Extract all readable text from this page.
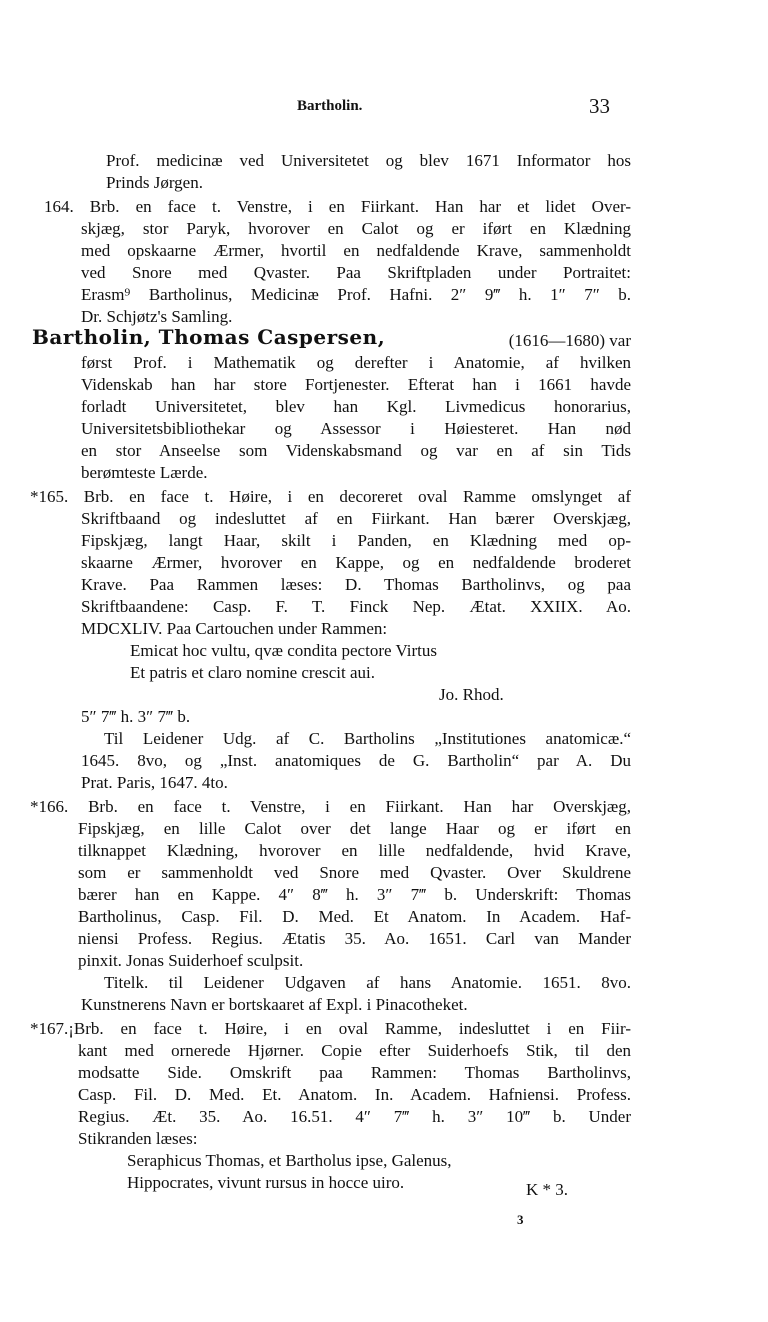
Bartholin.	33
Prof. medicinæ ved Universitetet og blev 1671 Informator hos
Prinds Jørgen.
164. Brb. en face t. Venstre, i en Fiirkant. Han har et lidet Over-
skjæg, stor Paryk, hvorover en Calot og er iført en Klædning
med opskaarne Ærmer, hvortil en nedfaldende Krave, sammenholdt
ved Snore med Qvaster. Paa Skriftpladen under Portraitet:
Erasm⁹ Bartholinus, Medicinæ Prof. Hafni. 2″ 9‴ h. 1″ 7″ b.
Dr. Schjøtz's Samling.
Bartholin, Thomas Caspersen,	(1616—1680) var
først Prof. i Mathematik og derefter i Anatomie, af hvilken
Videnskab han har store Fortjenester. Efterat han i 1661 havde
forladt Universitetet, blev han Kgl. Livmedicus honorarius,
Universitetsbibliothekar og Assessor i Høiesteret. Han nød
en stor Anseelse som Videnskabsmand og var en af sin Tids
berømteste Lærde.
*165. Brb. en face t. Høire, i en decoreret oval Ramme omslynget af
Skriftbaand og indesluttet af en Fiirkant. Han bærer Overskjæg,
Fipskjæg, langt Haar, skilt i Panden, en Klædning med op-
skaarne Ærmer, hvorover en Kappe, og en nedfaldende broderet
Krave. Paa Rammen læses: D. Thomas Bartholinvs, og paa
Skriftbaandene: Casp. F. T. Finck Nep. Ætat. XXIIX. Ao.
MDCXLIV. Paa Cartouchen under Rammen:
Emicat hoc vultu, qvæ condita pectore Virtus
Et patris et claro nomine crescit aui.
Jo. Rhod.
5″ 7‴ h. 3″ 7‴ b.
Til Leidener Udg. af C. Bartholins „Institutiones anatomicæ.“
1645. 8vo, og „Inst. anatomiques de G. Bartholin“ par A. Du
Prat. Paris, 1647. 4to.
*166. Brb. en face t. Venstre, i en Fiirkant. Han har Overskjæg,
Fipskjæg, en lille Calot over det lange Haar og er iført en
tilknappet Klædning, hvorover en lille nedfaldende, hvid Krave,
som er sammenholdt ved Snore med Qvaster. Over Skuldrene
bærer han en Kappe. 4″ 8‴ h. 3″ 7‴ b. Underskrift: Thomas
Bartholinus, Casp. Fil. D. Med. Et Anatom. In Academ. Haf-
niensi Profess. Regius. Ætatis 35. Ao. 1651. Carl van Mander
pinxit. Jonas Suiderhoef sculpsit.
Titelk. til Leidener Udgaven af hans Anatomie. 1651. 8vo.
Kunstnerens Navn er bortskaaret af Expl. i Pinacotheket.
*167.¡Brb. en face t. Høire, i en oval Ramme, indesluttet i en Fiir-
kant med ornerede Hjørner. Copie efter Suiderhoefs Stik, til den
modsatte Side. Omskrift paa Rammen: Thomas Bartholinvs,
Casp. Fil. D. Med. Et. Anatom. In. Academ. Hafniensi. Profess.
Regius. Æt. 35. Ao. 16.51. 4″ 7‴ h. 3″ 10‴ b. Under
Stikranden læses:
Seraphicus Thomas, et Bartholus ipse, Galenus,
Hippocrates, vivunt rursus in hocce uiro.	K * 3.
3
